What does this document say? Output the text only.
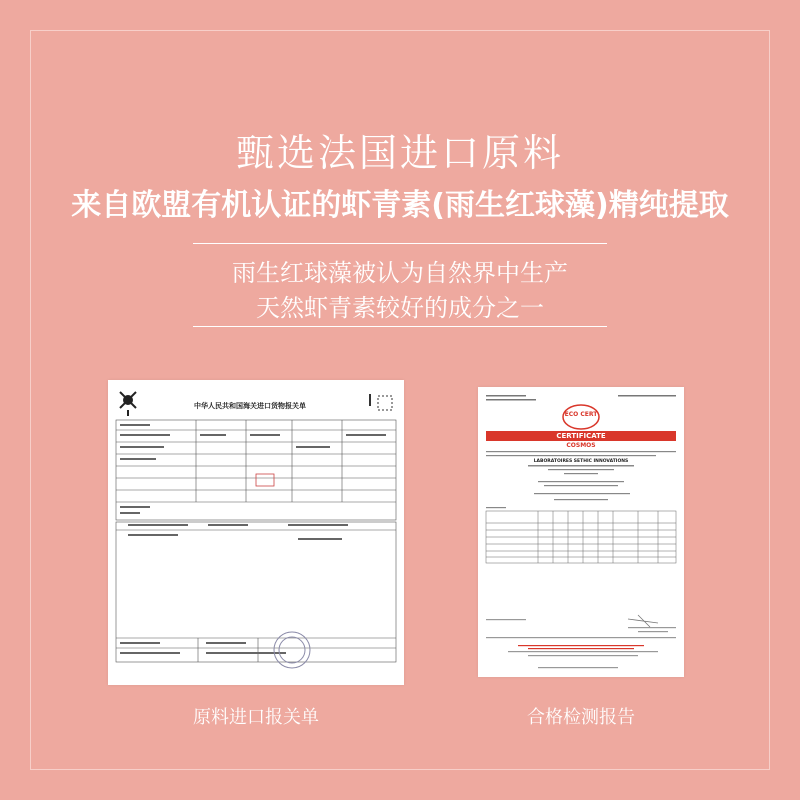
甄选法国进口原料
来自欧盟有机认证的虾青素(雨生红球藻)精纯提取
雨生红球藻被认为自然界中生产
天然虾青素较好的成分之一
中华人民共和国海关进口货物报关单
ECO CERT
CERTIFICATE
COSMOS
LABORATOIRES SETHIC INNOVATIONS
原料进口报关单	合格检测报告
